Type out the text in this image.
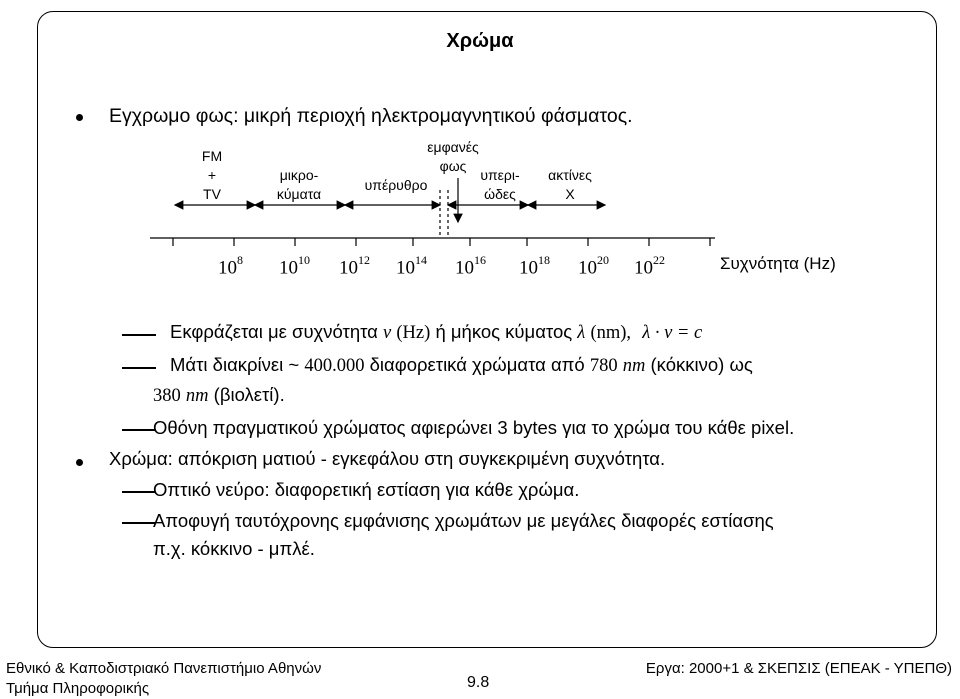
Χρώμα
Εγχρωμο φως: μικρή περιοχή ηλεκτρομαγνητικού φάσματος.
FM
+
TV
μικρο-
κύματα
υπέρυθρο
εμφανές
φως
υπερι-
ώδες
ακτίνες
X
$10^8$ $10^{10}$ $10^{12}$ $10^{14}$ $10^{16}$ $10^{18}$ $10^{20}$ $10^{22}$	Συχνότητα (Hz)
Εκφράζεται με συχνότητα ν (Hz) ή μήκος κύματος λ (nm), λ · ν = c
Μάτι διακρίνει ~ 400.000 διαφορετικά χρώματα από 780 nm (κόκκινο) ως
380 nm (βιολετί).
Οθόνη πραγματικού χρώματος αφιερώνει 3 bytes για το χρώμα του κάθε pixel.
Χρώμα: απόκριση ματιού - εγκεφάλου στη συγκεκριμένη συχνότητα.
Οπτικό νεύρο: διαφορετική εστίαση για κάθε χρώμα.
Αποφυγή ταυτόχρονης εμφάνισης χρωμάτων με μεγάλες διαφορές εστίασης
π.χ. κόκκινο - μπλέ.
Εθνικό & Καποδιστριακό Πανεπιστήμιο Αθηνών
Τμήμα Πληροφορικής	9.8
Εργα: 2000+1 & ΣΚΕΠΣΙΣ (ΕΠΕΑΚ - ΥΠΕΠΘ)
